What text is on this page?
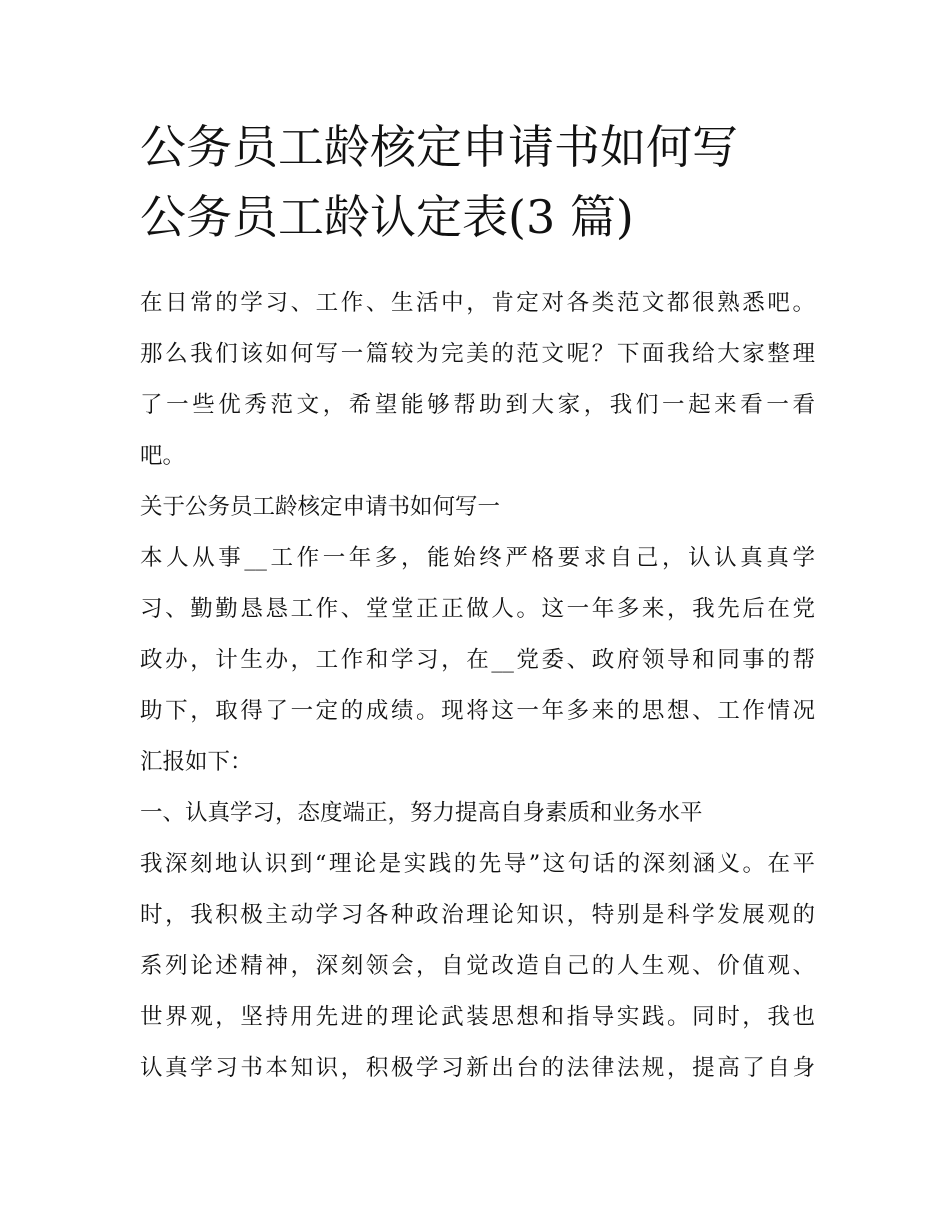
公务员工龄核定申请书如何写
公务员工龄认定表(3 篇)
在日常的学习、工作、生活中，肯定对各类范文都很熟悉吧。
那么我们该如何写一篇较为完美的范文呢？下面我给大家整理
了一些优秀范文，希望能够帮助到大家，我们一起来看一看
吧。
关于公务员工龄核定申请书如何写一
本人从事__工作一年多，能始终严格要求自己，认认真真学
习、勤勤恳恳工作、堂堂正正做人。这一年多来，我先后在党
政办，计生办，工作和学习，在__党委、政府领导和同事的帮
助下，取得了一定的成绩。现将这一年多来的思想、工作情况
汇报如下：
一、认真学习，态度端正，努力提高自身素质和业务水平
我深刻地认识到“理论是实践的先导”这句话的深刻涵义。在平
时，我积极主动学习各种政治理论知识，特别是科学发展观的
系列论述精神，深刻领会，自觉改造自己的人生观、价值观、
世界观，坚持用先进的理论武装思想和指导实践。同时，我也
认真学习书本知识，积极学习新出台的法律法规，提高了自身
